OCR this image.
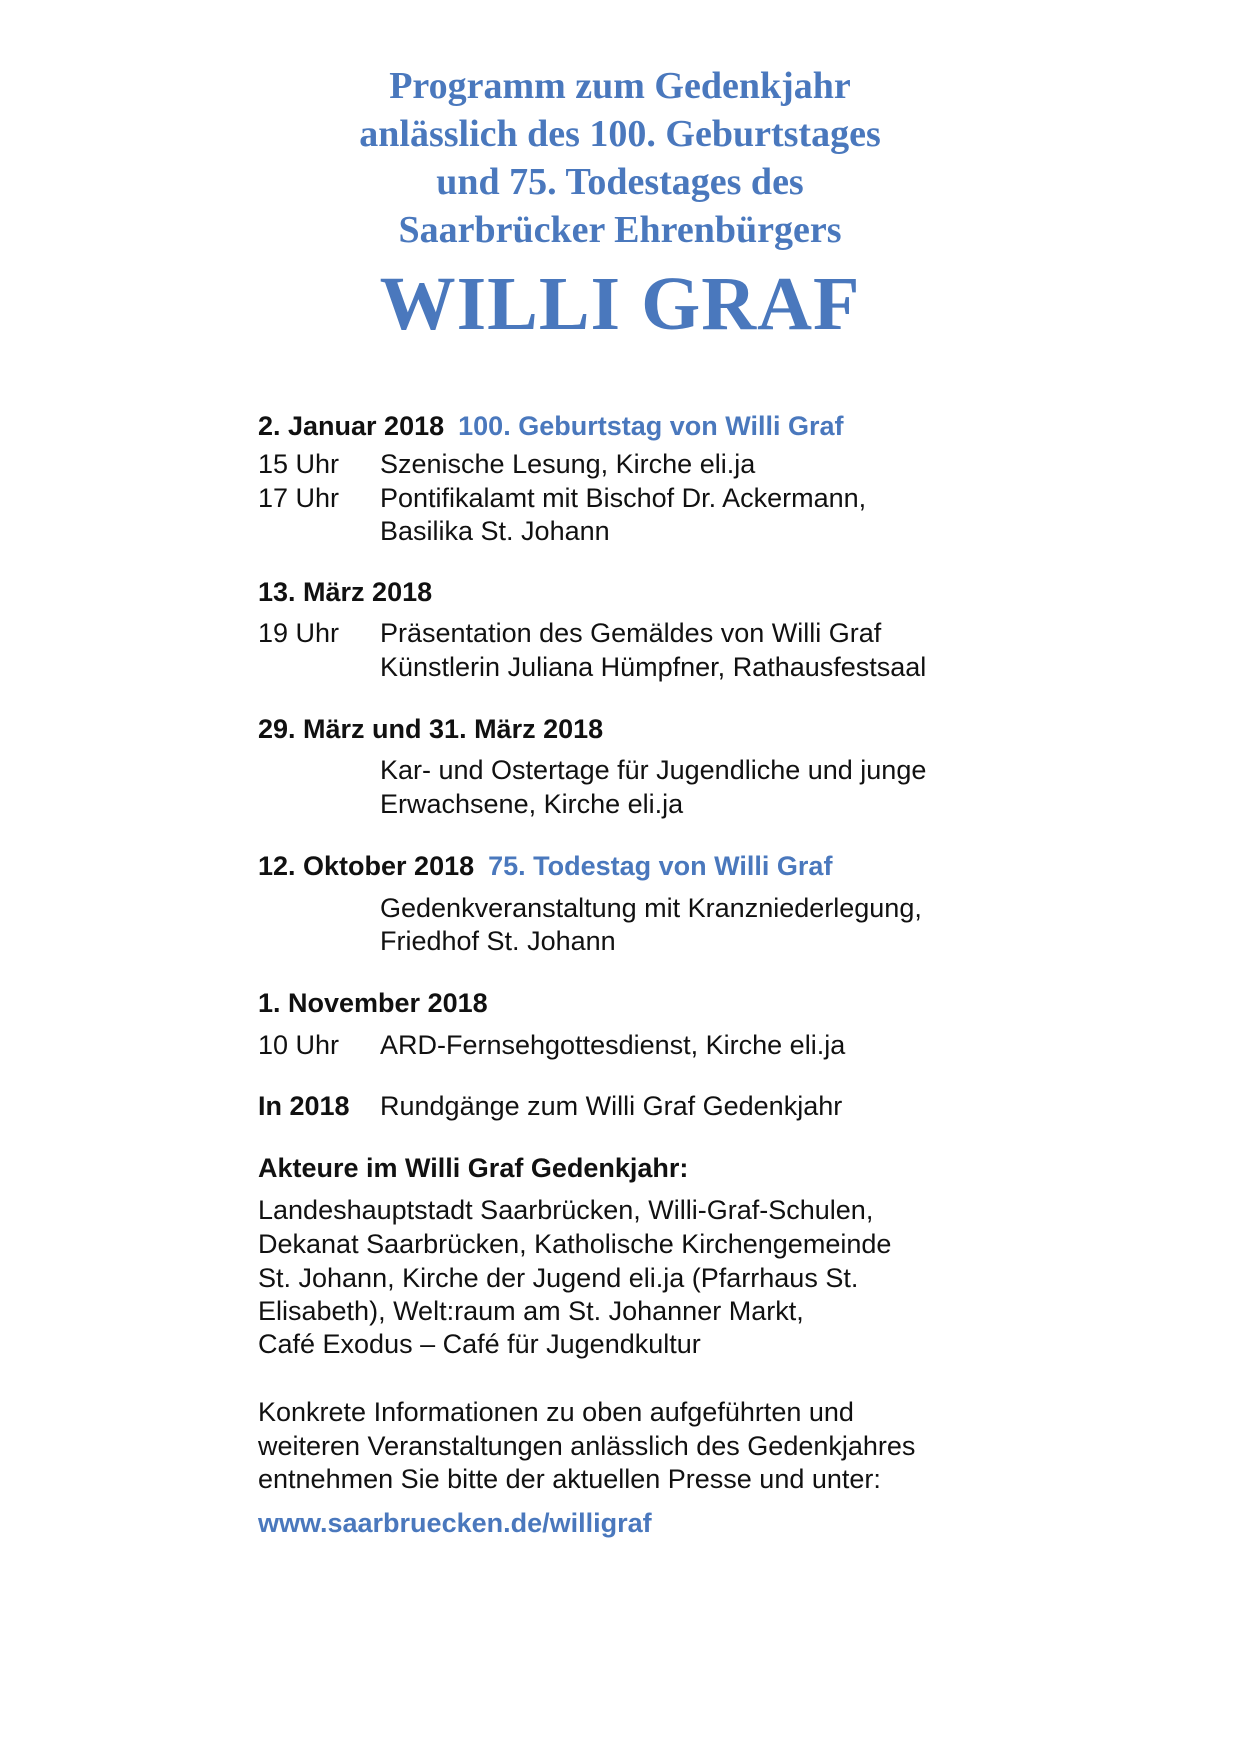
Programm zum Gedenkjahr
anlässlich des 100. Geburtstages
und 75. Todestages des
Saarbrücker Ehrenbürgers
WILLI GRAF
2. Januar 2018 100. Geburtstag von Willi Graf
15 Uhr Szenische Lesung, Kirche eli.ja
17 Uhr Pontifikalamt mit Bischof Dr. Ackermann,
Basilika St. Johann
13. März 2018
19 Uhr Präsentation des Gemäldes von Willi Graf
Künstlerin Juliana Hümpfner, Rathausfestsaal
29. März und 31. März 2018
Kar- und Ostertage für Jugendliche und junge
Erwachsene, Kirche eli.ja
12. Oktober 2018 75. Todestag von Willi Graf
Gedenkveranstaltung mit Kranzniederlegung,
Friedhof St. Johann
1. November 2018
10 Uhr ARD-Fernsehgottesdienst, Kirche eli.ja
In 2018 Rundgänge zum Willi Graf Gedenkjahr
Akteure im Willi Graf Gedenkjahr:
Landeshauptstadt Saarbrücken, Willi-Graf-Schulen,
Dekanat Saarbrücken, Katholische Kirchengemeinde
St. Johann, Kirche der Jugend eli.ja (Pfarrhaus St.
Elisabeth), Welt:raum am St. Johanner Markt,
Café Exodus – Café für Jugendkultur
Konkrete Informationen zu oben aufgeführten und
weiteren Veranstaltungen anlässlich des Gedenkjahres
entnehmen Sie bitte der aktuellen Presse und unter:
www.saarbruecken.de/willigraf
